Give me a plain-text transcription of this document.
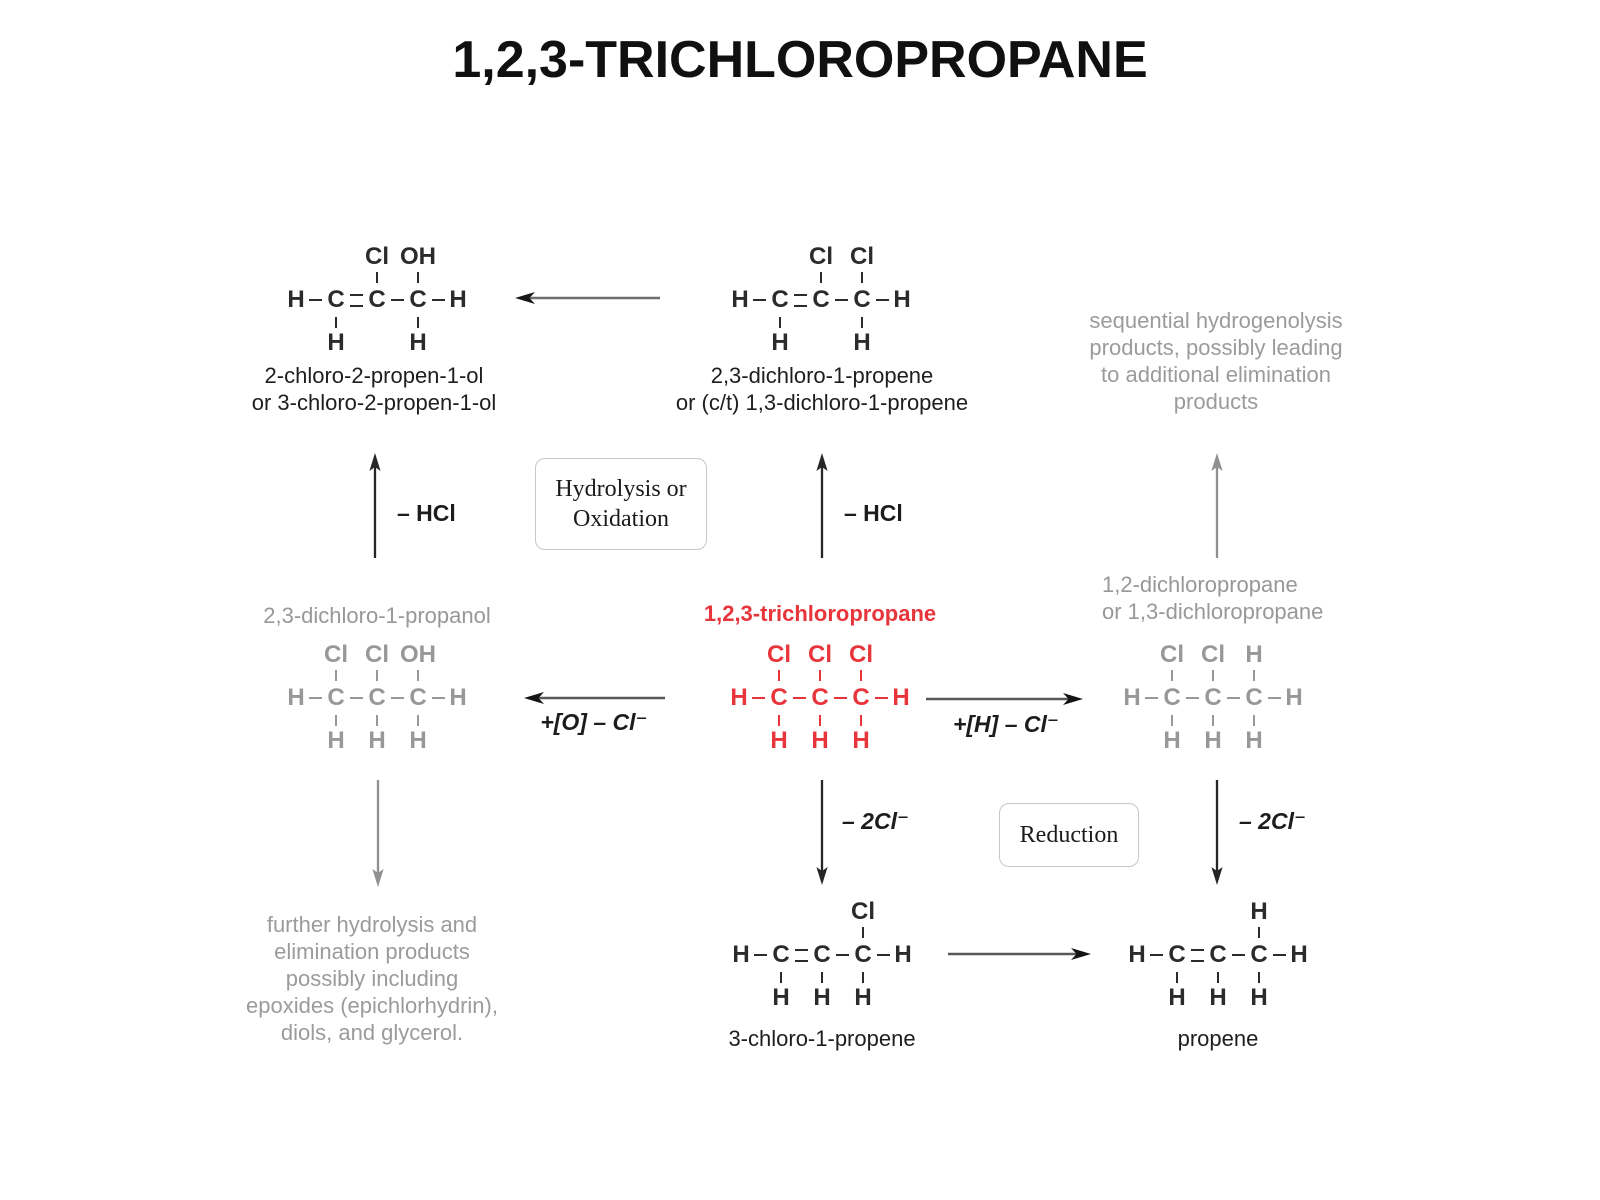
1,2,3-TRICHLOROPROPANE
Cl OH
H C C C H
H	H
2-chloro-2-propen-1-ol
or 3-chloro-2-propen-1-ol
Cl Cl
H C C C H
H	H
2,3-dichloro-1-propene
or (c/t) 1,3-dichloro-1-propene
sequential hydrogenolysis
products, possibly leading
to additional elimination
products
– HCl
Hydrolysis or
Oxidation	– HCl
2,3-dichloro-1-propanol	1,2,3-trichloropropane
1,2-dichloropropane
or 1,3-dichloropropane
Cl Cl OH
H C C C H
H H H
Cl Cl Cl
H C C C H
H H H
Cl Cl H
H C C C H
H H H
+[O] – Cl⁻	+[H] – Cl⁻
– 2Cl⁻
Reduction
– 2Cl⁻
further hydrolysis and
elimination products
possibly including
epoxides (epichlorhydrin),
diols, and glycerol.
Cl
H C C C H
H H H
3-chloro-1-propene
H
H C C C H
H H H
propene
